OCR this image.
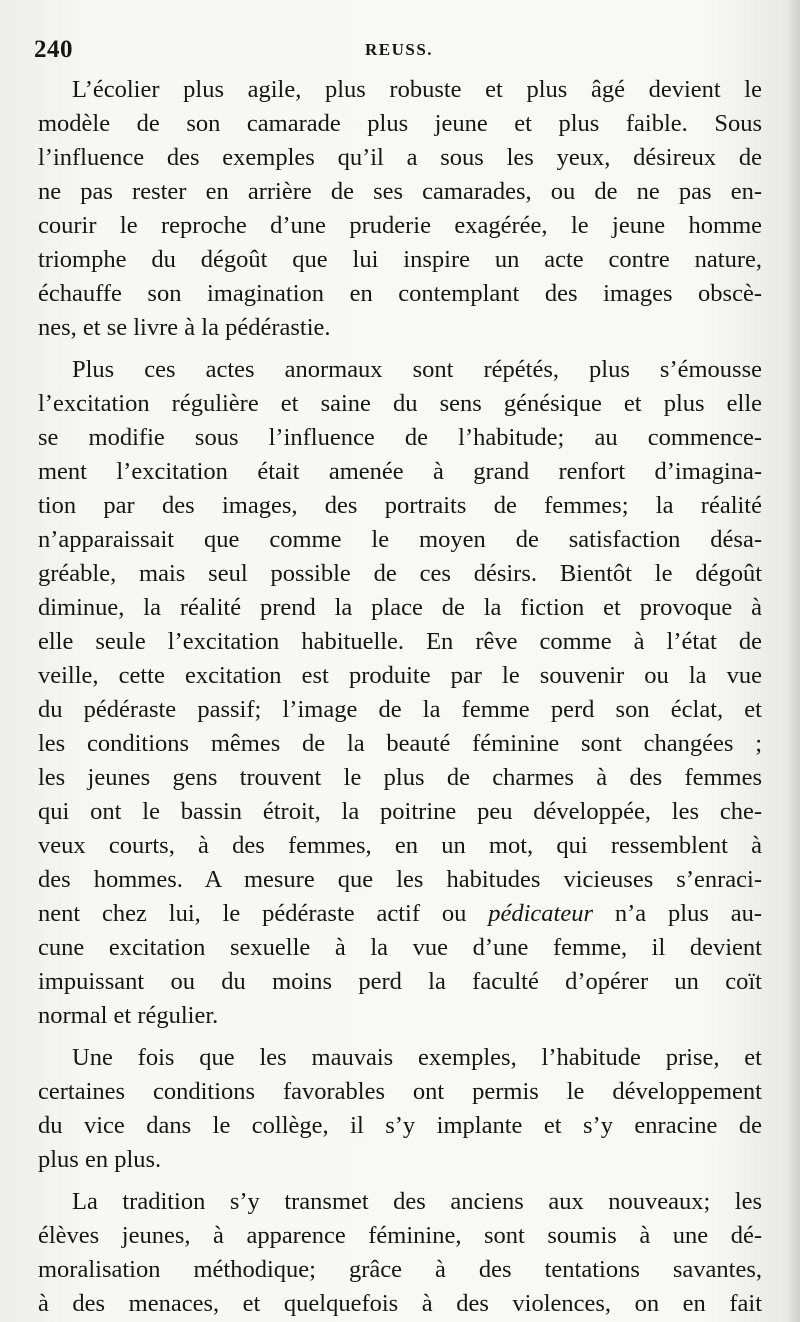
240	REUSS.
L’écolier plus agile, plus robuste et plus âgé devient le
modèle de son camarade plus jeune et plus faible. Sous
l’influence des exemples qu’il a sous les yeux, désireux de
ne pas rester en arrière de ses camarades, ou de ne pas en-
courir le reproche d’une pruderie exagérée, le jeune homme
triomphe du dégoût que lui inspire un acte contre nature,
échauffe son imagination en contemplant des images obscè-
nes, et se livre à la pédérastie.
Plus ces actes anormaux sont répétés, plus s’émousse
l’excitation régulière et saine du sens génésique et plus elle
se modifie sous l’influence de l’habitude; au commence-
ment l’excitation était amenée à grand renfort d’imagina-
tion par des images, des portraits de femmes; la réalité
n’apparaissait que comme le moyen de satisfaction désa-
gréable, mais seul possible de ces désirs. Bientôt le dégoût
diminue, la réalité prend la place de la fiction et provoque à
elle seule l’excitation habituelle. En rêve comme à l’état de
veille, cette excitation est produite par le souvenir ou la vue
du pédéraste passif; l’image de la femme perd son éclat, et
les conditions mêmes de la beauté féminine sont changées ;
les jeunes gens trouvent le plus de charmes à des femmes
qui ont le bassin étroit, la poitrine peu développée, les che-
veux courts, à des femmes, en un mot, qui ressemblent à
des hommes. A mesure que les habitudes vicieuses s’enraci-
nent chez lui, le pédéraste actif ou pédicateur n’a plus au-
cune excitation sexuelle à la vue d’une femme, il devient
impuissant ou du moins perd la faculté d’opérer un coït
normal et régulier.
Une fois que les mauvais exemples, l’habitude prise, et
certaines conditions favorables ont permis le développement
du vice dans le collège, il s’y implante et s’y enracine de
plus en plus.
La tradition s’y transmet des anciens aux nouveaux; les
élèves jeunes, à apparence féminine, sont soumis à une dé-
moralisation méthodique; grâce à des tentations savantes,
à des menaces, et quelquefois à des violences, on en fait
